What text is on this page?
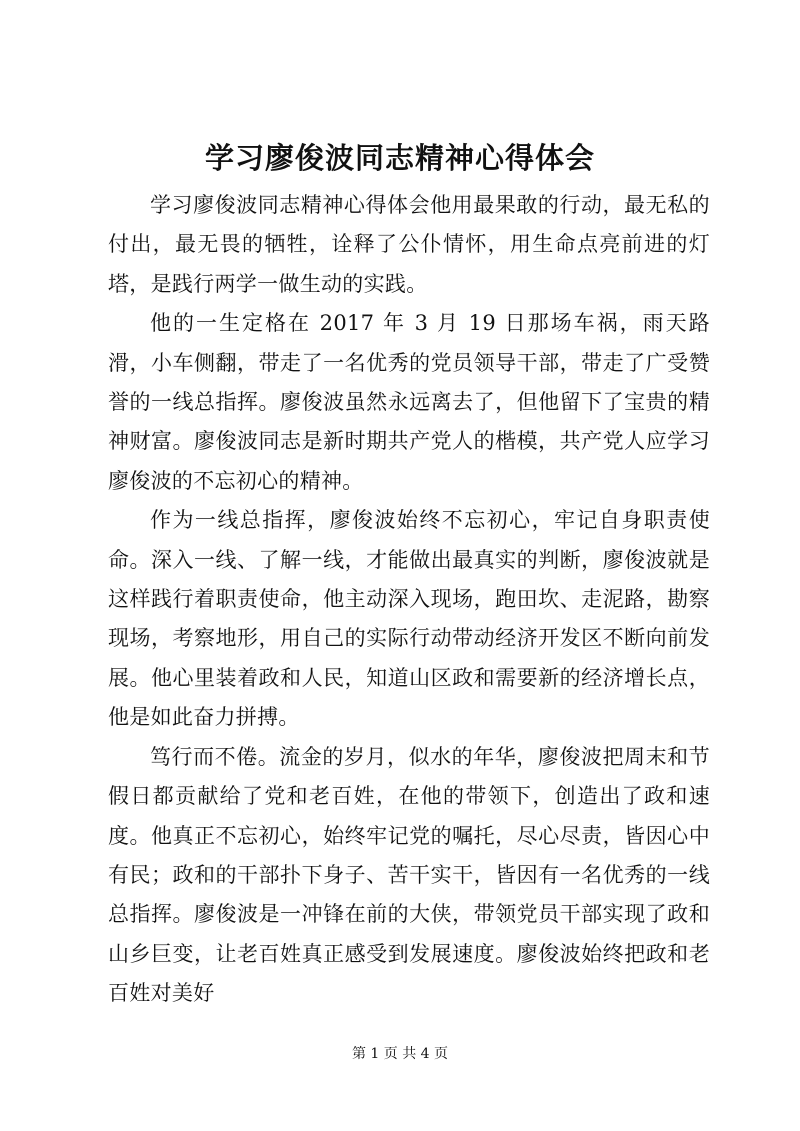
学习廖俊波同志精神心得体会

学习廖俊波同志精神心得体会他用最果敢的行动，最无私的付出，最无畏的牺牲，诠释了公仆情怀，用生命点亮前进的灯塔，是践行两学一做生动的实践。

他的一生定格在 2017 年 3 月 19 日那场车祸，雨天路滑，小车侧翻，带走了一名优秀的党员领导干部，带走了广受赞誉的一线总指挥。廖俊波虽然永远离去了，但他留下了宝贵的精神财富。廖俊波同志是新时期共产党人的楷模，共产党人应学习廖俊波的不忘初心的精神。

作为一线总指挥，廖俊波始终不忘初心，牢记自身职责使命。深入一线、了解一线，才能做出最真实的判断，廖俊波就是这样践行着职责使命，他主动深入现场，跑田坎、走泥路，勘察现场，考察地形，用自己的实际行动带动经济开发区不断向前发展。他心里装着政和人民，知道山区政和需要新的经济增长点，他是如此奋力拼搏。

笃行而不倦。流金的岁月，似水的年华，廖俊波把周末和节假日都贡献给了党和老百姓，在他的带领下，创造出了政和速度。他真正不忘初心，始终牢记党的嘱托，尽心尽责，皆因心中有民；政和的干部扑下身子、苦干实干，皆因有一名优秀的一线总指挥。廖俊波是一冲锋在前的大侠，带领党员干部实现了政和山乡巨变，让老百姓真正感受到发展速度。廖俊波始终把政和老百姓对美好

第 1 页 共 4 页
